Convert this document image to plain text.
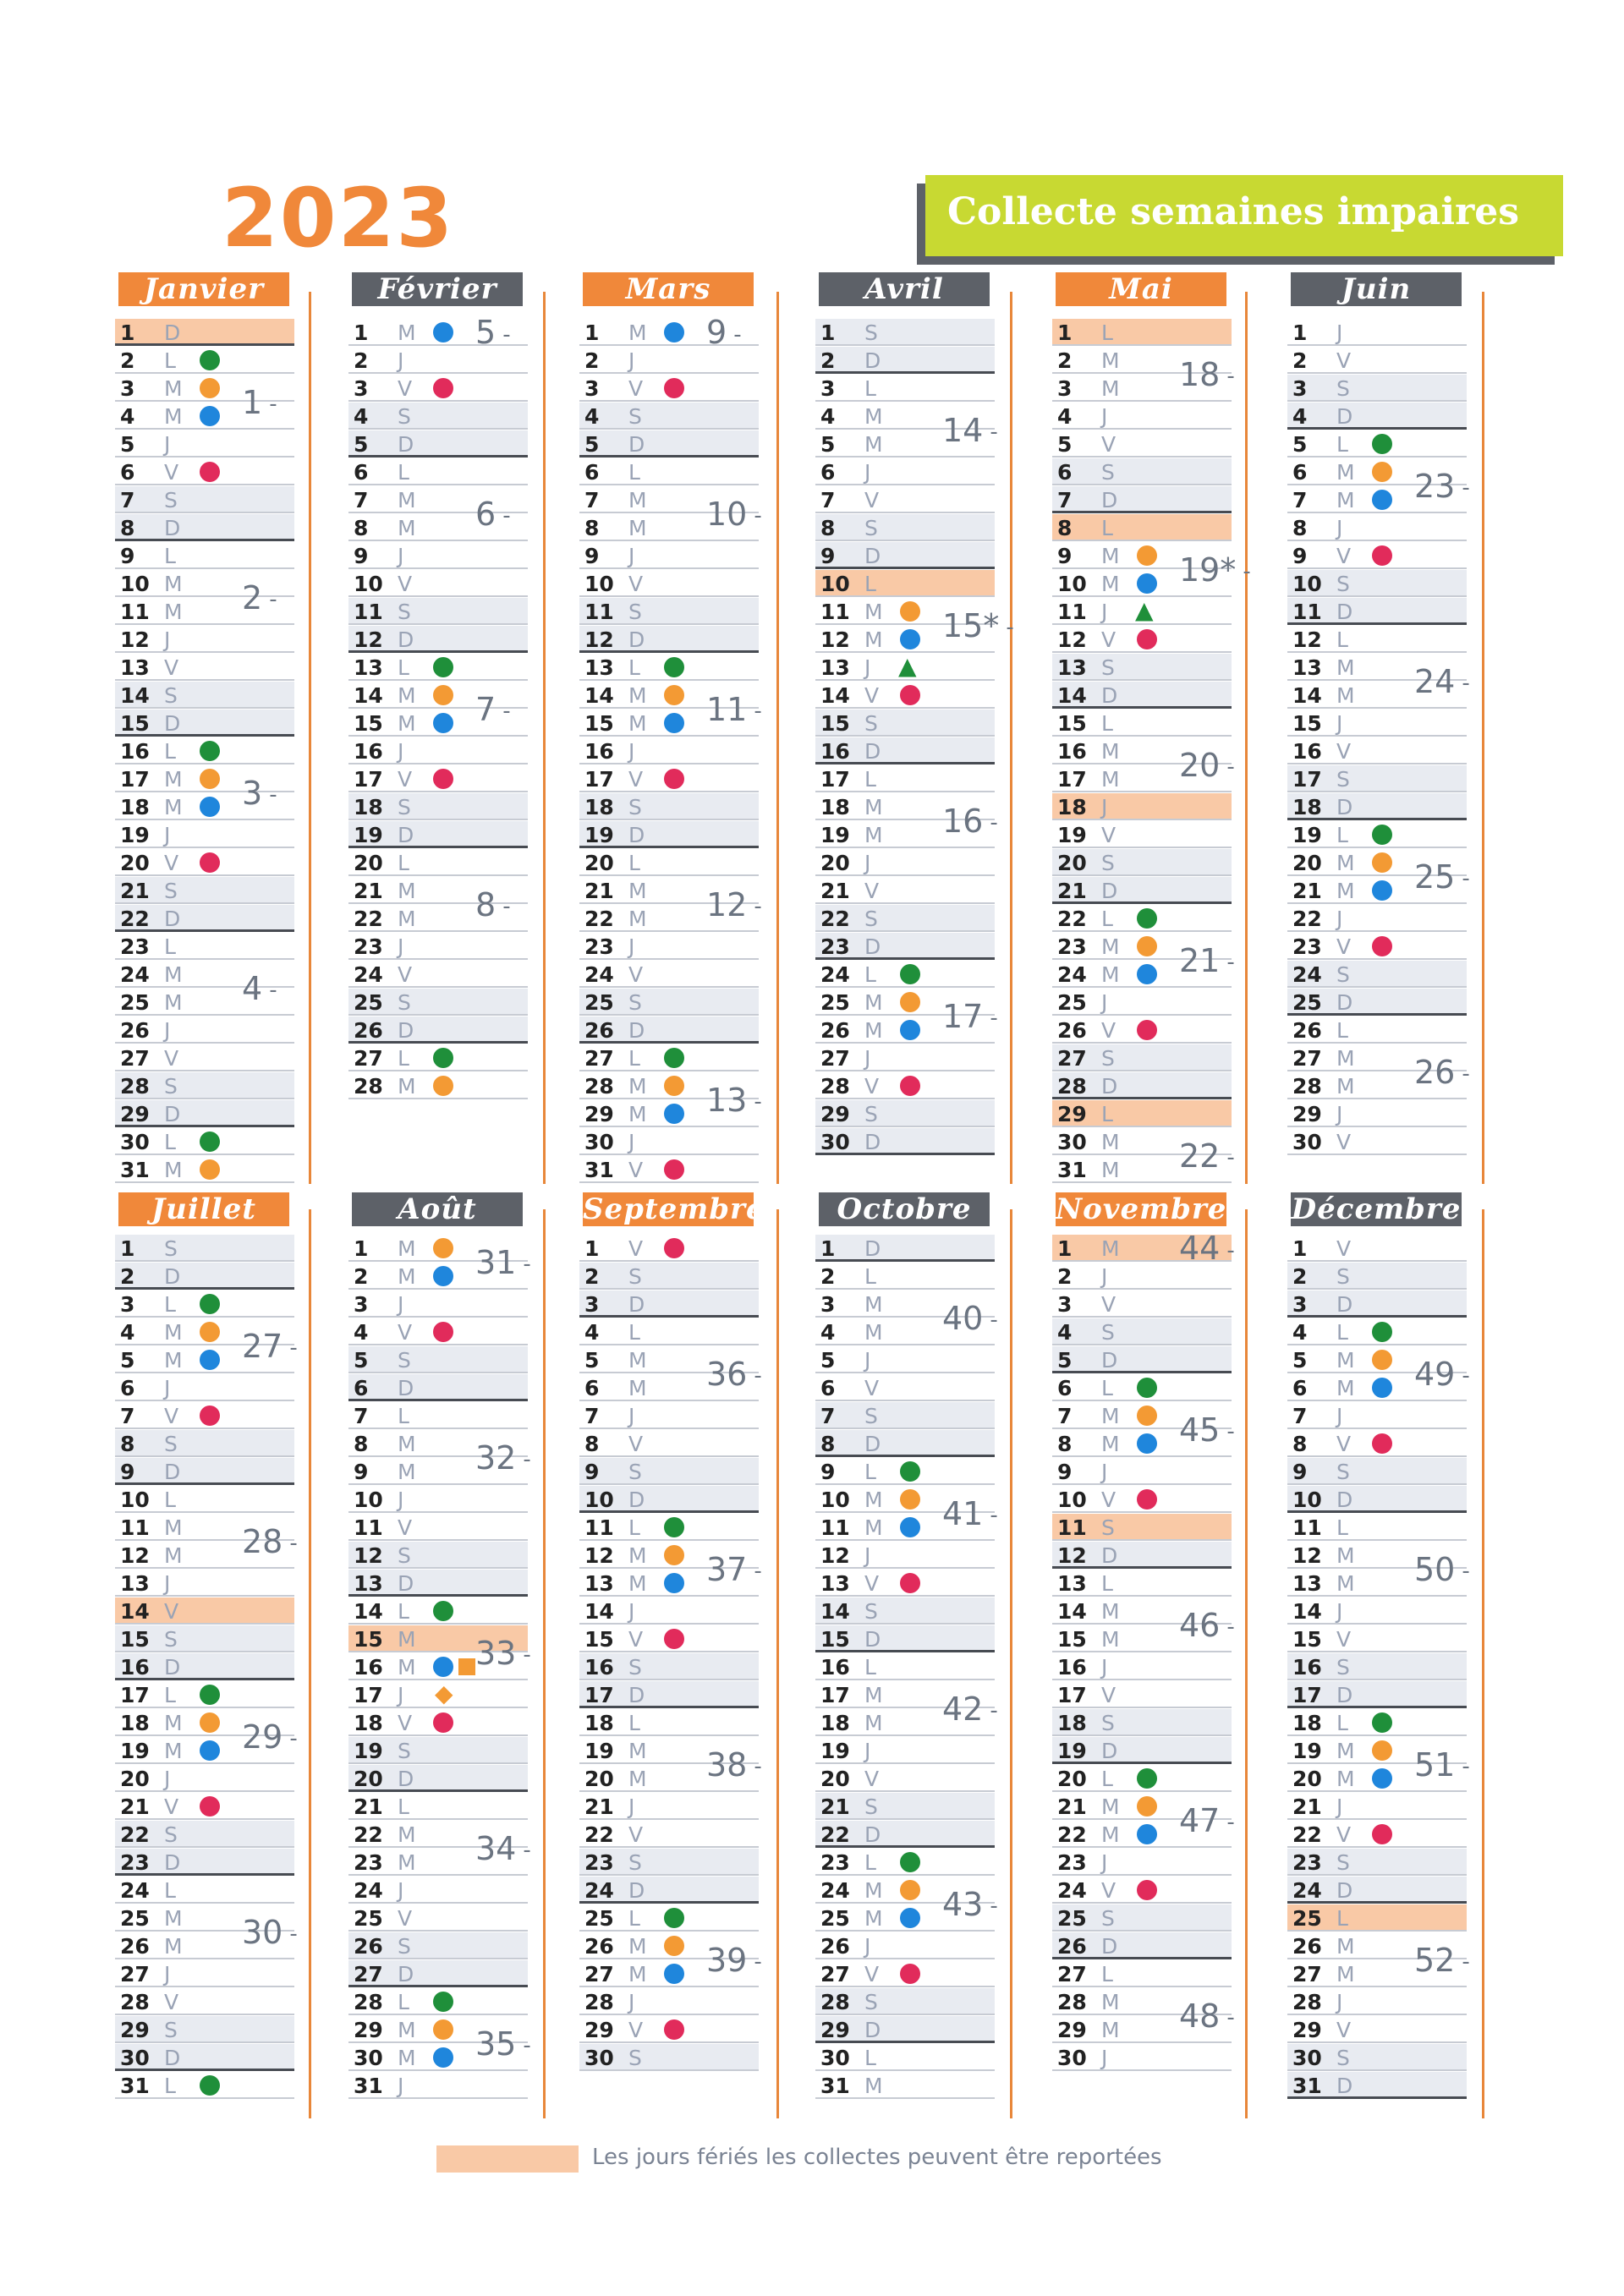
2023	Collecte semaines impaires
Janvier
1 D
2 L
3 M
4 M
5 J
6 V
7 S
8 D
9 L
10 M
11 M
12 J
13 V
14 S
15 D
16 L
17 M
18 M
19 J
20 V
21 S
22 D
23 L
24 M
25 M
26 J
27 V
28 S
29 D
30 L
31 M
1 -
2 -
3 -
4 -
Février
1 M
2 J
3 V
4 S
5 D
6 L
7 M
8 M
9 J
10 V
11 S
12 D
13 L
14 M
15 M
16 J
17 V
18 S
19 D
20 L
21 M
22 M
23 J
24 V
25 S
26 D
27 L
28 M
5 -
6 -
7 -
8 -
Mars
1 M
2 J
3 V
4 S
5 D
6 L
7 M
8 M
9 J
10 V
11 S
12 D
13 L
14 M
15 M
16 J
17 V
18 S
19 D
20 L
21 M
22 M
23 J
24 V
25 S
26 D
27 L
28 M
29 M
30 J
31 V
9 -
10 -
11 -
12 -
13 -
Avril
1 S
2 D
3 L
4 M
5 M
6 J
7 V
8 S
9 D
10 L
11 M
12 M
13 J ▲
14 V
15 S
16 D
17 L
18 M
19 M
20 J
21 V
22 S
23 D
24 L
25 M
26 M
27 J
28 V
29 S
30 D
14 -
15* -
16 -
17 -
Mai
1 L
2 M
3 M
4 J
5 V
6 S
7 D
8 L
9 M
10 M
11 J ▲
12 V
13 S
14 D
15 L
16 M
17 M
18 J
19 V
20 S
21 D
22 L
23 M
24 M
25 J
26 V
27 S
28 D
29 L
30 M
31 M
18 -
19* -
20 -
21 -
22 -
Juin
1 J
2 V
3 S
4 D
5 L
6 M
7 M
8 J
9 V
10 S
11 D
12 L
13 M
14 M
15 J
16 V
17 S
18 D
19 L
20 M
21 M
22 J
23 V
24 S
25 D
26 L
27 M
28 M
29 J
30 V
23 -
24 -
25 -
26 -
Juillet
1 S
2 D
3 L
4 M
5 M
6 J
7 V
8 S
9 D
10 L
11 M
12 M
13 J
14 V
15 S
16 D
17 L
18 M
19 M
20 J
21 V
22 S
23 D
24 L
25 M
26 M
27 J
28 V
29 S
30 D
31 L
27 -
28 -
29 -
30 -
Août
1 M
2 M
3 J
4 V
5 S
6 D
7 L
8 M
9 M
10 J
11 V
12 S
13 D
14 L
15 M
16 M
17 J ◆
18 V
19 S
20 D
21 L
22 M
23 M
24 J
25 V
26 S
27 D
28 L
29 M
30 M
31 J
31 -
32 -
33 -
34 -
35 -
Septembre
1 V
2 S
3 D
4 L
5 M
6 M
7 J
8 V
9 S
10 D
11 L
12 M
13 M
14 J
15 V
16 S
17 D
18 L
19 M
20 M
21 J
22 V
23 S
24 D
25 L
26 M
27 M
28 J
29 V
30 S
36 -
37 -
38 -
39 -
Octobre
1 D
2 L
3 M
4 M
5 J
6 V
7 S
8 D
9 L
10 M
11 M
12 J
13 V
14 S
15 D
16 L
17 M
18 M
19 J
20 V
21 S
22 D
23 L
24 M
25 M
26 J
27 V
28 S
29 D
30 L
31 M
40 -
41 -
42 -
43 -
Novembre
1 M
2 J
3 V
4 S
5 D
6 L
7 M
8 M
9 J
10 V
11 S
12 D
13 L
14 M
15 M
16 J
17 V
18 S
19 D
20 L
21 M
22 M
23 J
24 V
25 S
26 D
27 L
28 M
29 M
30 J
44 -
45 -
46 -
47 -
48 -
Décembre
1 V
2 S
3 D
4 L
5 M
6 M
7 J
8 V
9 S
10 D
11 L
12 M
13 M
14 J
15 V
16 S
17 D
18 L
19 M
20 M
21 J
22 V
23 S
24 D
25 L
26 M
27 M
28 J
29 V
30 S
31 D
49 -
50 -
51 -
52 -
Les jours fériés les collectes peuvent être reportées
